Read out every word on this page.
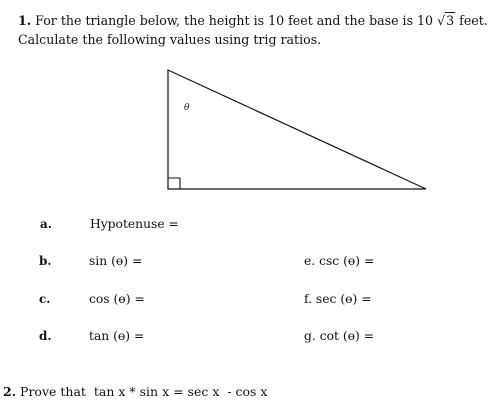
1. For the triangle below, the height is 10 feet and the base is 10 √3 feet.
Calculate the following values using trig ratios.
θ
a.	Hypotenuse =
b.	sin (ɵ) =
c.	cos (ɵ) =
d.	tan (ɵ) =
e. csc (ɵ) =
f. sec (ɵ) =
g. cot (ɵ) =
2. Prove that  tan x * sin x = sec x  - cos x
